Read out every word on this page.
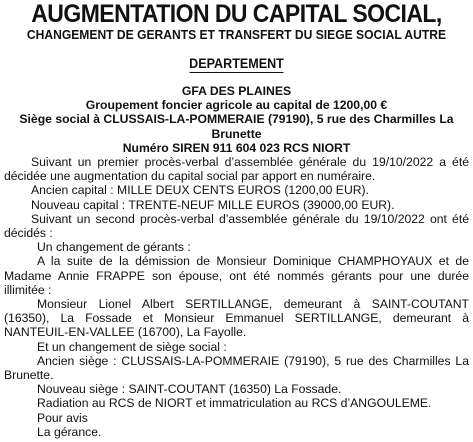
AUGMENTATION DU CAPITAL SOCIAL,
CHANGEMENT DE GERANTS ET TRANSFERT DU SIEGE SOCIAL AUTRE
DEPARTEMENT
GFA DES PLAINES
Groupement foncier agricole au capital de 1200,00 €
Siège social à CLUSSAIS-LA-POMMERAIE (79190), 5 rue des Charmilles La
Brunette
Numéro SIREN 911 604 023 RCS NIORT

Suivant un premier procès-verbal d’assemblée générale du 19/10/2022 a été décidée une augmentation du capital social par apport en numéraire.

Ancien capital : MILLE DEUX CENTS EUROS (1200,00 EUR).

Nouveau capital : TRENTE-NEUF MILLE EUROS (39000,00 EUR).

Suivant un second procès-verbal d’assemblée générale du 19/10/2022 ont été décidés :

Un changement de gérants :

A la suite de la démission de Monsieur Dominique CHAMPHOYAUX et de Madame Annie FRAPPE son épouse, ont été nommés gérants pour une durée illimitée :

Monsieur Lionel Albert SERTILLANGE, demeurant à SAINT-COUTANT (16350), La Fossade et Monsieur Emmanuel SERTILLANGE, demeurant à NANTEUIL-EN-VALLEE (16700), La Fayolle.

Et un changement de siège social :

Ancien siège : CLUSSAIS-LA-POMMERAIE (79190), 5 rue des Charmilles La Brunette.

Nouveau siège : SAINT-COUTANT (16350) La Fossade.

Radiation au RCS de NIORT et immatriculation au RCS d’ANGOULEME.

Pour avis

La gérance.
